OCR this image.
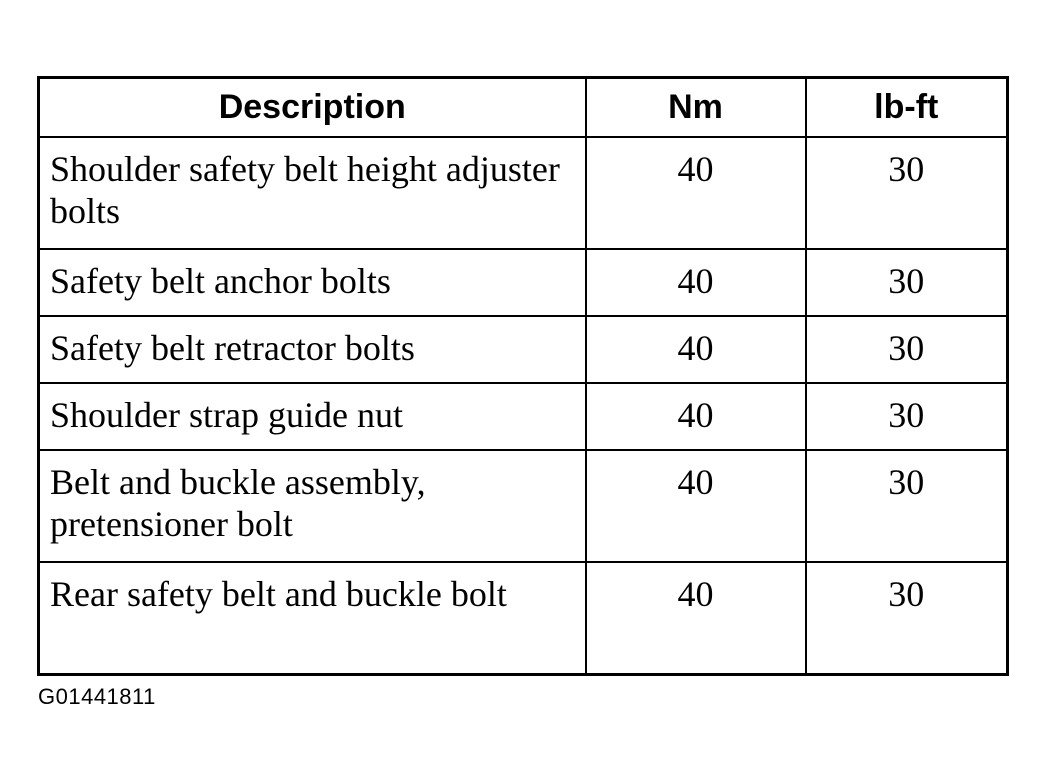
Description	Nm	lb-ft
Shoulder safety belt height adjuster bolts	40	30
Safety belt anchor bolts	40	30
Safety belt retractor bolts	40	30
Shoulder strap guide nut	40	30
Belt and buckle assembly, pretensioner bolt	40	30
Rear safety belt and buckle bolt	40	30
G01441811
